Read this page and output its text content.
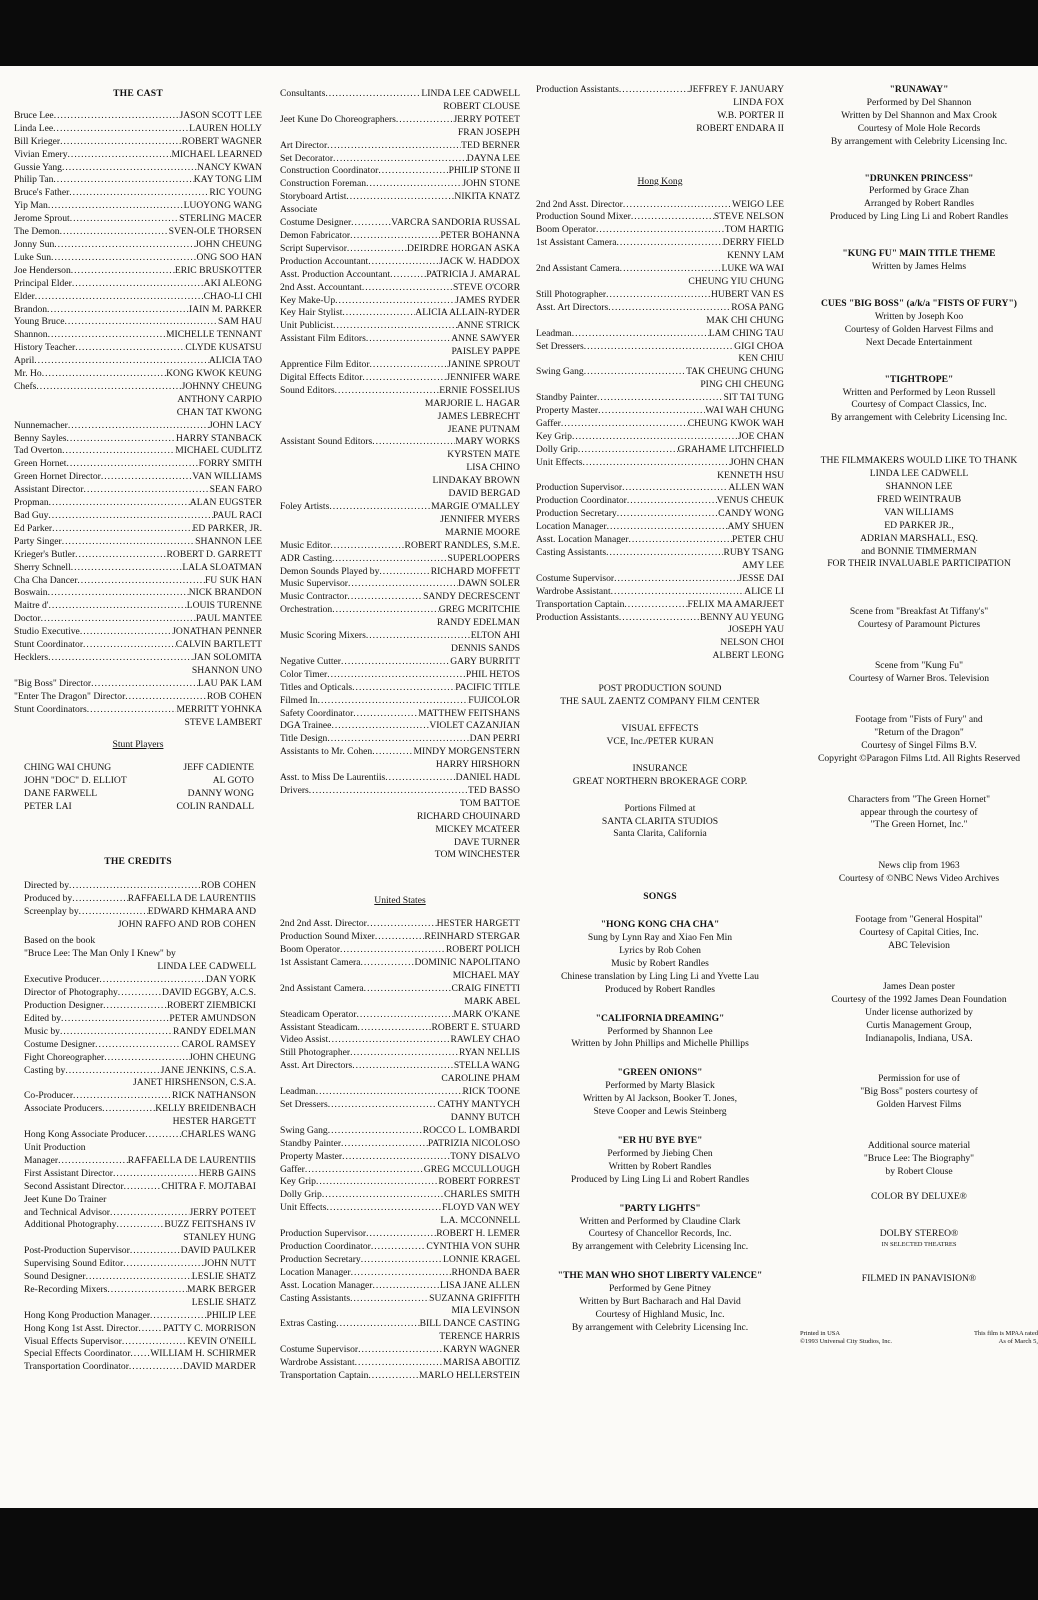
THE CAST
Bruce Lee .....	JASON SCOTT LEE
Linda Lee .....	LAUREN HOLLY
Bill Krieger .....	ROBERT WAGNER
Vivian Emery .....	MICHAEL LEARNED
Gussie Yang .....	NANCY KWAN
Philip Tan .....	KAY TONG LIM
Bruce's Father .....	RIC YOUNG
Yip Man .....	LUOYONG WANG
Jerome Sprout .....	STERLING MACER
The Demon .....	SVEN-OLE THORSEN
Jonny Sun .....	JOHN CHEUNG
Luke Sun .....	ONG SOO HAN
Joe Henderson .....	ERIC BRUSKOTTER
Principal Elder .....	AKI ALEONG
Elder .....	CHAO-LI CHI
Brandon .....	IAIN M. PARKER
Young Bruce .....	SAM HAU
Shannon .....	MICHELLE TENNANT
History Teacher .....	CLYDE KUSATSU
April .....	ALICIA TAO
Mr. Ho .....	KONG KWOK KEUNG
Chefs .....	JOHNNY CHEUNG
ANTHONY CARPIO
CHAN TAT KWONG
Nunnemacher .....	JOHN LACY
Benny Sayles .....	HARRY STANBACK
Tad Overton .....	MICHAEL CUDLITZ
Green Hornet .....	FORRY SMITH
Green Hornet Director .....	VAN WILLIAMS
Assistant Director .....	SEAN FARO
Propman .....	ALAN EUGSTER
Bad Guy .....	PAUL RACI
Ed Parker .....	ED PARKER, JR.
Party Singer .....	SHANNON LEE
Krieger's Butler .....	ROBERT D. GARRETT
Sherry Schnell .....	LALA SLOATMAN
Cha Cha Dancer .....	FU SUK HAN
Boswain .....	NICK BRANDON
Maitre d' .....	LOUIS TURENNE
Doctor .....	PAUL MANTEE
Studio Executive .....	JONATHAN PENNER
Stunt Coordinator .....	CALVIN BARTLETT
Hecklers .....	JAN SOLOMITA
SHANNON UNO
"Big Boss" Director .....	LAU PAK LAM
"Enter The Dragon" Director .....	ROB COHEN
Stunt Coordinators .....	MERRITT YOHNKA
STEVE LAMBERT
Stunt Players
CHING WAI CHUNG	JEFF CADIENTE
JOHN "DOC" D. ELLIOT	AL GOTO
DANE FARWELL	DANNY WONG
PETER LAI	COLIN RANDALL
THE CREDITS
Directed by .....	ROB COHEN
Produced by .....	RAFFAELLA DE LAURENTIIS
Screenplay by .....	EDWARD KHMARA AND
JOHN RAFFO AND ROB COHEN
Based on the book
"Bruce Lee: The Man Only I Knew" by
LINDA LEE CADWELL
Executive Producer .....	DAN YORK
Director of Photography .....	DAVID EGGBY, A.C.S.
Production Designer .....	ROBERT ZIEMBICKI
Edited by .....	PETER AMUNDSON
Music by .....	RANDY EDELMAN
Costume Designer .....	CAROL RAMSEY
Fight Choreographer .....	JOHN CHEUNG
Casting by .....	JANE JENKINS, C.S.A.
JANET HIRSHENSON, C.S.A.
Co-Producer .....	RICK NATHANSON
Associate Producers .....	KELLY BREIDENBACH
HESTER HARGETT
Hong Kong Associate Producer .....	CHARLES WANG
Unit Production
Manager .....	RAFFAELLA DE LAURENTIIS
First Assistant Director .....	HERB GAINS
Second Assistant Director .....	CHITRA F. MOJTABAI
Jeet Kune Do Trainer
and Technical Advisor .....	JERRY POTEET
Additional Photography .....	BUZZ FEITSHANS IV
STANLEY HUNG
Post-Production Supervisor .....	DAVID PAULKER
Supervising Sound Editor .....	JOHN NUTT
Sound Designer .....	LESLIE SHATZ
Re-Recording Mixers .....	MARK BERGER
LESLIE SHATZ
Hong Kong Production Manager .....	PHILIP LEE
Hong Kong 1st Asst. Director .....	PATTY C. MORRISON
Visual Effects Supervisor .....	KEVIN O'NEILL
Special Effects Coordinator ..... WILLIAM H. SCHIRMER
Transportation Coordinator .....	DAVID MARDER
Consultants .....	LINDA LEE CADWELL
ROBERT CLOUSE
Jeet Kune Do Choreographers .....	JERRY POTEET
FRAN JOSEPH
Art Director .....	TED BERNER
Set Decorator .....	DAYNA LEE
Construction Coordinator .....	PHILIP STONE II
Construction Foreman .....	JOHN STONE
Storyboard Artist .....	NIKITA KNATZ
Associate
Costume Designer .....	VARCRA SANDORIA RUSSAL
Demon Fabricator .....	PETER BOHANNA
Script Supervisor .....	DEIRDRE HORGAN ASKA
Production Accountant .....	JACK W. HADDOX
Asst. Production Accountant .....	PATRICIA J. AMARAL
2nd Asst. Accountant .....	STEVE O'CORR
Key Make-Up .....	JAMES RYDER
Key Hair Stylist .....	ALICIA ALLAIN-RYDER
Unit Publicist .....	ANNE STRICK
Assistant Film Editors .....	ANNE SAWYER
PAISLEY PAPPE
Apprentice Film Editor .....	JANINE SPROUT
Digital Effects Editor .....	JENNIFER WARE
Sound Editors .....	ERNIE FOSSELIUS
MARJORIE L. HAGAR
JAMES LEBRECHT
JEANE PUTNAM
Assistant Sound Editors .....	MARY WORKS
KYRSTEN MATE
LISA CHINO
LINDAKAY BROWN
DAVID BERGAD
Foley Artists .....	MARGIE O'MALLEY
JENNIFER MYERS
MARNIE MOORE
Music Editor .....	ROBERT RANDLES, S.M.E.
ADR Casting .....	SUPERLOOPERS
Demon Sounds Played by .....	RICHARD MOFFETT
Music Supervisor .....	DAWN SOLER
Music Contractor .....	SANDY DECRESCENT
Orchestration .....	GREG MCRITCHIE
RANDY EDELMAN
Music Scoring Mixers .....	ELTON AHI
DENNIS SANDS
Negative Cutter .....	GARY BURRITT
Color Timer .....	PHIL HETOS
Titles and Opticals .....	PACIFIC TITLE
Filmed In .....	FUJICOLOR
Safety Coordinator .....	MATTHEW FEITSHANS
DGA Trainee .....	VIOLET CAZANJIAN
Title Design .....	DAN PERRI
Assistants to Mr. Cohen .....	MINDY MORGENSTERN
HARRY HIRSHORN
Asst. to Miss De Laurentiis .....	DANIEL HADL
Drivers .....	TED BASSO
TOM BATTOE
RICHARD CHOUINARD
MICKEY MCATEER
DAVE TURNER
TOM WINCHESTER
United States
2nd 2nd Asst. Director .....	HESTER HARGETT
Production Sound Mixer .....	REINHARD STERGAR
Boom Operator .....	ROBERT POLICH
1st Assistant Camera .....	DOMINIC NAPOLITANO
MICHAEL MAY
2nd Assistant Camera .....	CRAIG FINETTI
MARK ABEL
Steadicam Operator .....	MARK O'KANE
Assistant Steadicam .....	ROBERT E. STUARD
Video Assist .....	RAWLEY CHAO
Still Photographer .....	RYAN NELLIS
Asst. Art Directors .....	STELLA WANG
CAROLINE PHAM
Leadman .....	RICK TOONE
Set Dressers .....	CATHY MANTYCH
DANNY BUTCH
Swing Gang .....	ROCCO L. LOMBARDI
Standby Painter .....	PATRIZIA NICOLOSO
Property Master .....	TONY DISALVO
Gaffer .....	GREG MCCULLOUGH
Key Grip .....	ROBERT FORREST
Dolly Grip .....	CHARLES SMITH
Unit Effects .....	FLOYD VAN WEY
L.A. MCCONNELL
Production Supervisor .....	ROBERT H. LEMER
Production Coordinator .....	CYNTHIA VON SUHR
Production Secretary .....	LONNIE KRAGEL
Location Manager .....	RHONDA BAER
Asst. Location Manager .....	LISA JANE ALLEN
Casting Assistants .....	SUZANNA GRIFFITH
MIA LEVINSON
Extras Casting .....	BILL DANCE CASTING
TERENCE HARRIS
Costume Supervisor .....	KARYN WAGNER
Wardrobe Assistant .....	MARISA ABOITIZ
Transportation Captain .....	MARLO HELLERSTEIN
Production Assistants .....	JEFFREY F. JANUARY
LINDA FOX
W.B. PORTER II
ROBERT ENDARA II
Hong Kong
2nd 2nd Asst. Director .....	WEIGO LEE
Production Sound Mixer .....	STEVE NELSON
Boom Operator .....	TOM HARTIG
1st Assistant Camera .....	DERRY FIELD
KENNY LAM
2nd Assistant Camera .....	LUKE WA WAI
CHEUNG YIU CHUNG
Still Photographer .....	HUBERT VAN ES
Asst. Art Directors .....	ROSA PANG
MAK CHI CHUNG
Leadman .....	LAM CHING TAU
Set Dressers .....	GIGI CHOA
KEN CHIU
Swing Gang .....	TAK CHEUNG CHUNG
PING CHI CHEUNG
Standby Painter .....	SIT TAI TUNG
Property Master .....	WAI WAH CHUNG
Gaffer .....	CHEUNG KWOK WAH
Key Grip .....	JOE CHAN
Dolly Grip .....	GRAHAME LITCHFIELD
Unit Effects .....	JOHN CHAN
KENNETH HSU
Production Supervisor .....	ALLEN WAN
Production Coordinator .....	VENUS CHEUK
Production Secretary .....	CANDY WONG
Location Manager .....	AMY SHUEN
Asst. Location Manager .....	PETER CHU
Casting Assistants .....	RUBY TSANG
AMY LEE
Costume Supervisor .....	JESSE DAI
Wardrobe Assistant .....	ALICE LI
Transportation Captain .....	FELIX MA AMARJEET
Production Assistants .....	BENNY AU YEUNG
JOSEPH YAU
NELSON CHOI
ALBERT LEONG
POST PRODUCTION SOUND
THE SAUL ZAENTZ COMPANY FILM CENTER
VISUAL EFFECTS
VCE, Inc./PETER KURAN
INSURANCE
GREAT NORTHERN BROKERAGE CORP.
Portions Filmed at
SANTA CLARITA STUDIOS
Santa Clarita, California
SONGS
"HONG KONG CHA CHA"
Sung by Lynn Ray and Xiao Fen Min
Lyrics by Rob Cohen
Music by Robert Randles
Chinese translation by Ling Ling Li and Yvette Lau
Produced by Robert Randles
"CALIFORNIA DREAMING"
Performed by Shannon Lee
Written by John Phillips and Michelle Phillips
"GREEN ONIONS"
Performed by Marty Blasick
Written by Al Jackson, Booker T. Jones,
Steve Cooper and Lewis Steinberg
"ER HU BYE BYE"
Performed by Jiebing Chen
Written by Robert Randles
Produced by Ling Ling Li and Robert Randles
"PARTY LIGHTS"
Written and Performed by Claudine Clark
Courtesy of Chancellor Records, Inc.
By arrangement with Celebrity Licensing Inc.
"THE MAN WHO SHOT LIBERTY VALENCE"
Performed by Gene Pitney
Written by Burt Bacharach and Hal David
Courtesy of Highland Music, Inc.
By arrangement with Celebrity Licensing Inc.
"RUNAWAY"
Performed by Del Shannon
Written by Del Shannon and Max Crook
Courtesy of Mole Hole Records
By arrangement with Celebrity Licensing Inc.
"DRUNKEN PRINCESS"
Performed by Grace Zhan
Arranged by Robert Randles
Produced by Ling Ling Li and Robert Randles
"KUNG FU" MAIN TITLE THEME
Written by James Helms
CUES "BIG BOSS" (a/k/a "FISTS OF FURY")
Written by Joseph Koo
Courtesy of Golden Harvest Films and
Next Decade Entertainment
"TIGHTROPE"
Written and Performed by Leon Russell
Courtesy of Compact Classics, Inc.
By arrangement with Celebrity Licensing Inc.
THE FILMMAKERS WOULD LIKE TO THANK
LINDA LEE CADWELL
SHANNON LEE
FRED WEINTRAUB
VAN WILLIAMS
ED PARKER JR.,
ADRIAN MARSHALL, ESQ.
and BONNIE TIMMERMAN
FOR THEIR INVALUABLE PARTICIPATION
Scene from "Breakfast At Tiffany's"
Courtesy of Paramount Pictures
Scene from "Kung Fu"
Courtesy of Warner Bros. Television
Footage from "Fists of Fury" and
"Return of the Dragon"
Courtesy of Singel Films B.V.
Copyright ©Paragon Films Ltd. All Rights Reserved
Characters from "The Green Hornet"
appear through the courtesy of
"The Green Hornet, Inc."
News clip from 1963
Courtesy of ©NBC News Video Archives
Footage from "General Hospital"
Courtesy of Capital Cities, Inc.
ABC Television
James Dean poster
Courtesy of the 1992 James Dean Foundation
Under license authorized by
Curtis Management Group,
Indianapolis, Indiana, USA.
Permission for use of
"Big Boss" posters courtesy of
Golden Harvest Films
Additional source material
"Bruce Lee: The Biography"
by Robert Clouse
COLOR BY DELUXE®
DOLBY STEREO®
IN SELECTED THEATRES
FILMED IN PANAVISION®
Printed in USA
©1993 Universal City Studios, Inc.
This film is MPAA rated
As of March 5,
